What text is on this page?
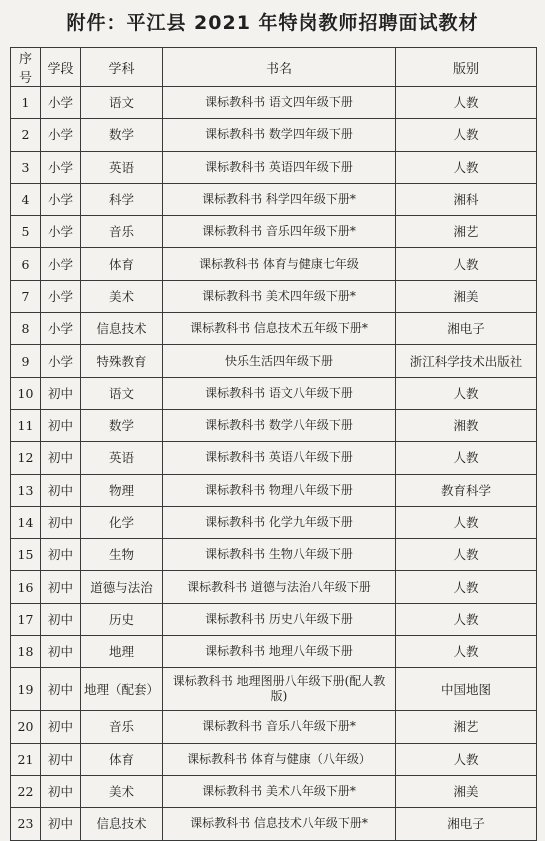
附件：平江县 2021 年特岗教师招聘面试教材
序号	学段	学科	书名	版别
1	小学	语文	课标教科书 语文四年级下册	人教
2	小学	数学	课标教科书 数学四年级下册	人教
3	小学	英语	课标教科书 英语四年级下册	人教
4	小学	科学	课标教科书 科学四年级下册*	湘科
5	小学	音乐	课标教科书 音乐四年级下册*	湘艺
6	小学	体育	课标教科书 体育与健康七年级	人教
7	小学	美术	课标教科书 美术四年级下册*	湘美
8	小学	信息技术	课标教科书 信息技术五年级下册*	湘电子
9	小学	特殊教育	快乐生活四年级下册	浙江科学技术出版社
10	初中	语文	课标教科书 语文八年级下册	人教
11	初中	数学	课标教科书 数学八年级下册	湘教
12	初中	英语	课标教科书 英语八年级下册	人教
13	初中	物理	课标教科书 物理八年级下册	教育科学
14	初中	化学	课标教科书 化学九年级下册	人教
15	初中	生物	课标教科书 生物八年级下册	人教
16	初中	道德与法治	课标教科书 道德与法治八年级下册	人教
17	初中	历史	课标教科书 历史八年级下册	人教
18	初中	地理	课标教科书 地理八年级下册	人教
19	初中	地理（配套）	课标教科书 地理图册八年级下册(配人教版)	中国地图
20	初中	音乐	课标教科书 音乐八年级下册*	湘艺
21	初中	体育	课标教科书 体育与健康（八年级）	人教
22	初中	美术	课标教科书 美术八年级下册*	湘美
23	初中	信息技术	课标教科书 信息技术八年级下册*	湘电子
